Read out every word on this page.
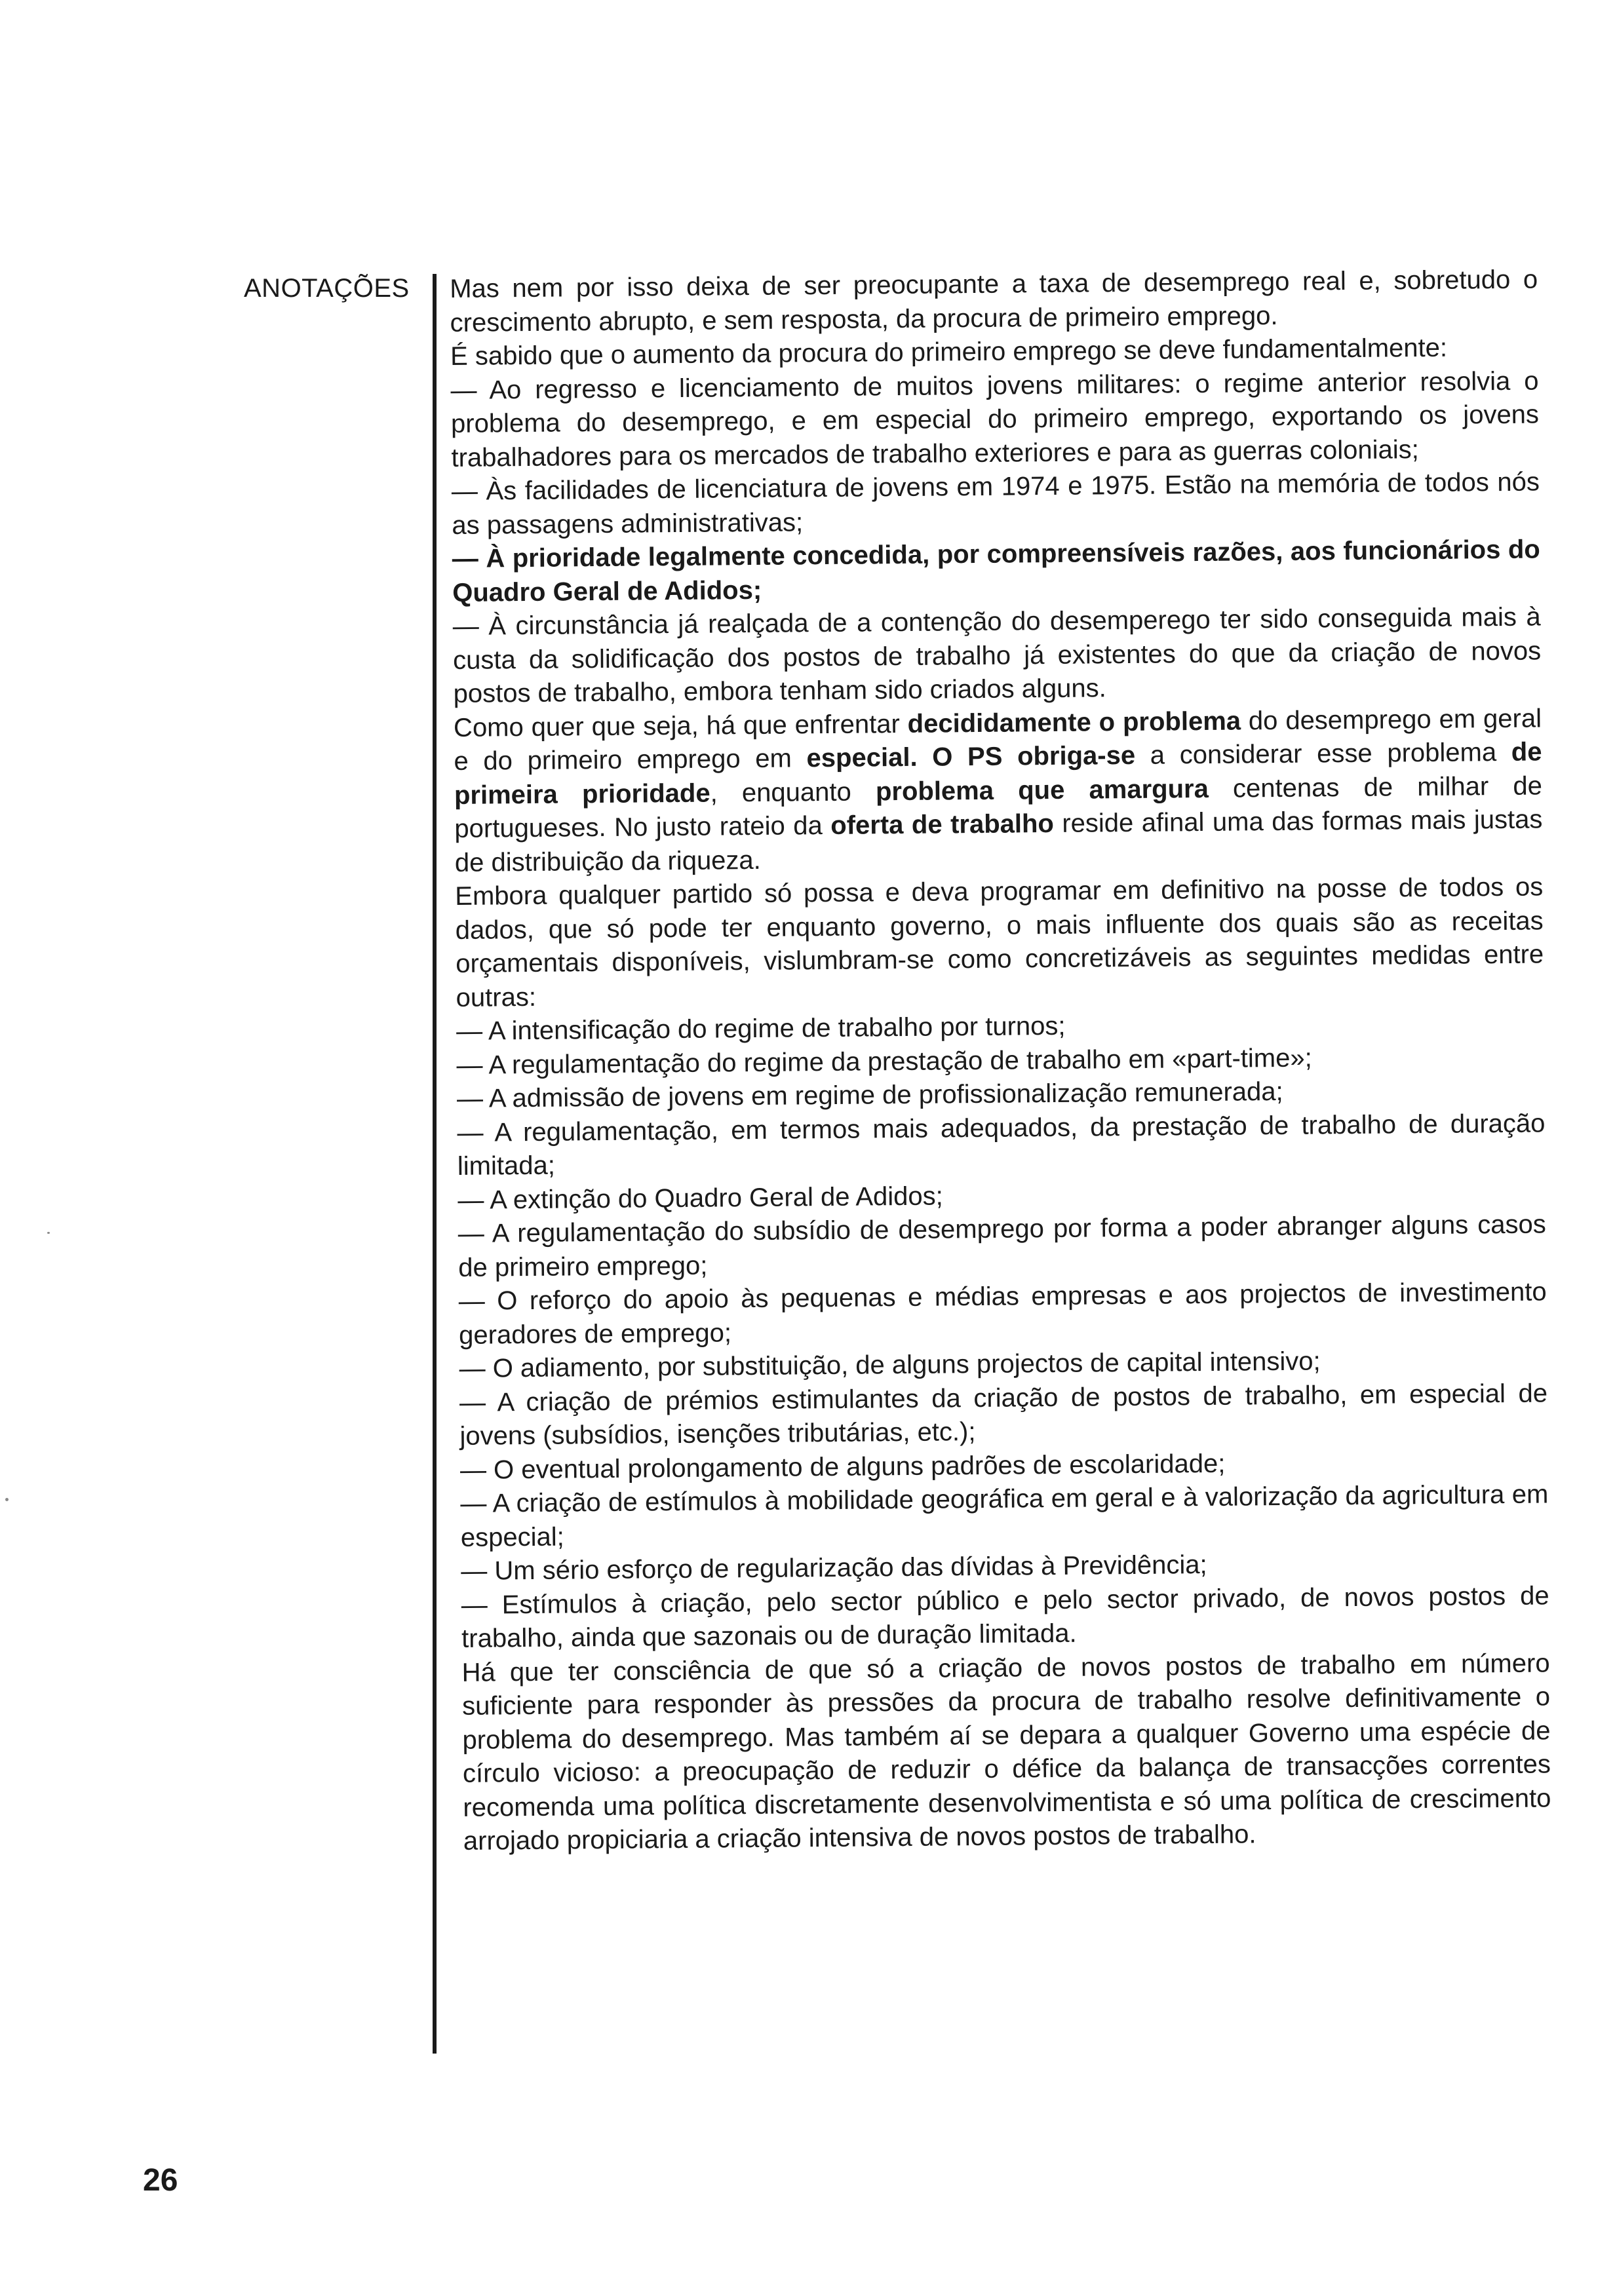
ANOTAÇÕES Mas nem por isso deixa de ser preocupante a taxa de desemprego real e, sobretudo o crescimento abrupto, e sem resposta, da procura de primeiro emprego.

É sabido que o aumento da procura do primeiro emprego se deve fundamentalmente:

— Ao regresso e licenciamento de muitos jovens militares: o regime anterior resolvia o problema do desemprego, e em especial do primeiro emprego, exportando os jovens trabalhadores para os mercados de trabalho exteriores e para as guerras coloniais;

— Às facilidades de licenciatura de jovens em 1974 e 1975. Estão na memória de todos nós as passagens administrativas;

— À prioridade legalmente concedida, por compreensíveis razões, aos funcionários do Quadro Geral de Adidos;

— À circunstância já realçada de a contenção do desemperego ter sido conseguida mais à custa da solidificação dos postos de trabalho já existentes do que da criação de novos postos de trabalho, embora tenham sido criados alguns.

Como quer que seja, há que enfrentar decididamente o problema do desemprego em geral e do primeiro emprego em especial. O PS obriga-se a considerar esse problema de primeira prioridade, enquanto problema que amargura centenas de milhar de portugueses. No justo rateio da oferta de trabalho reside afinal uma das formas mais justas de distribuição da riqueza.

Embora qualquer partido só possa e deva programar em definitivo na posse de todos os dados, que só pode ter enquanto governo, o mais influente dos quais são as receitas orçamentais disponíveis, vislumbram-se como concretizáveis as seguintes medidas entre outras:

— A intensificação do regime de trabalho por turnos;

— A regulamentação do regime da prestação de trabalho em «part-time»;

— A admissão de jovens em regime de profissionalização remunerada;

— A regulamentação, em termos mais adequados, da prestação de trabalho de duração limitada;

— A extinção do Quadro Geral de Adidos;

— A regulamentação do subsídio de desemprego por forma a poder abranger alguns casos de primeiro emprego;

— O reforço do apoio às pequenas e médias empresas e aos projectos de investimento geradores de emprego;

— O adiamento, por substituição, de alguns projectos de capital intensivo;

— A criação de prémios estimulantes da criação de postos de trabalho, em especial de jovens (subsídios, isenções tributárias, etc.);

— O eventual prolongamento de alguns padrões de escolaridade;

— A criação de estímulos à mobilidade geográfica em geral e à valorização da agricultura em especial;

— Um sério esforço de regularização das dívidas à Previdência;

— Estímulos à criação, pelo sector público e pelo sector privado, de novos postos de trabalho, ainda que sazonais ou de duração limitada.

Há que ter consciência de que só a criação de novos postos de trabalho em número suficiente para responder às pressões da procura de trabalho resolve definitivamente o problema do desemprego. Mas também aí se depara a qualquer Governo uma espécie de círculo vicioso: a preocupação de reduzir o défice da balança de transacções correntes recomenda uma política discretamente desenvolvimentista e só uma política de crescimento arrojado propiciaria a criação intensiva de novos postos de trabalho.

26
